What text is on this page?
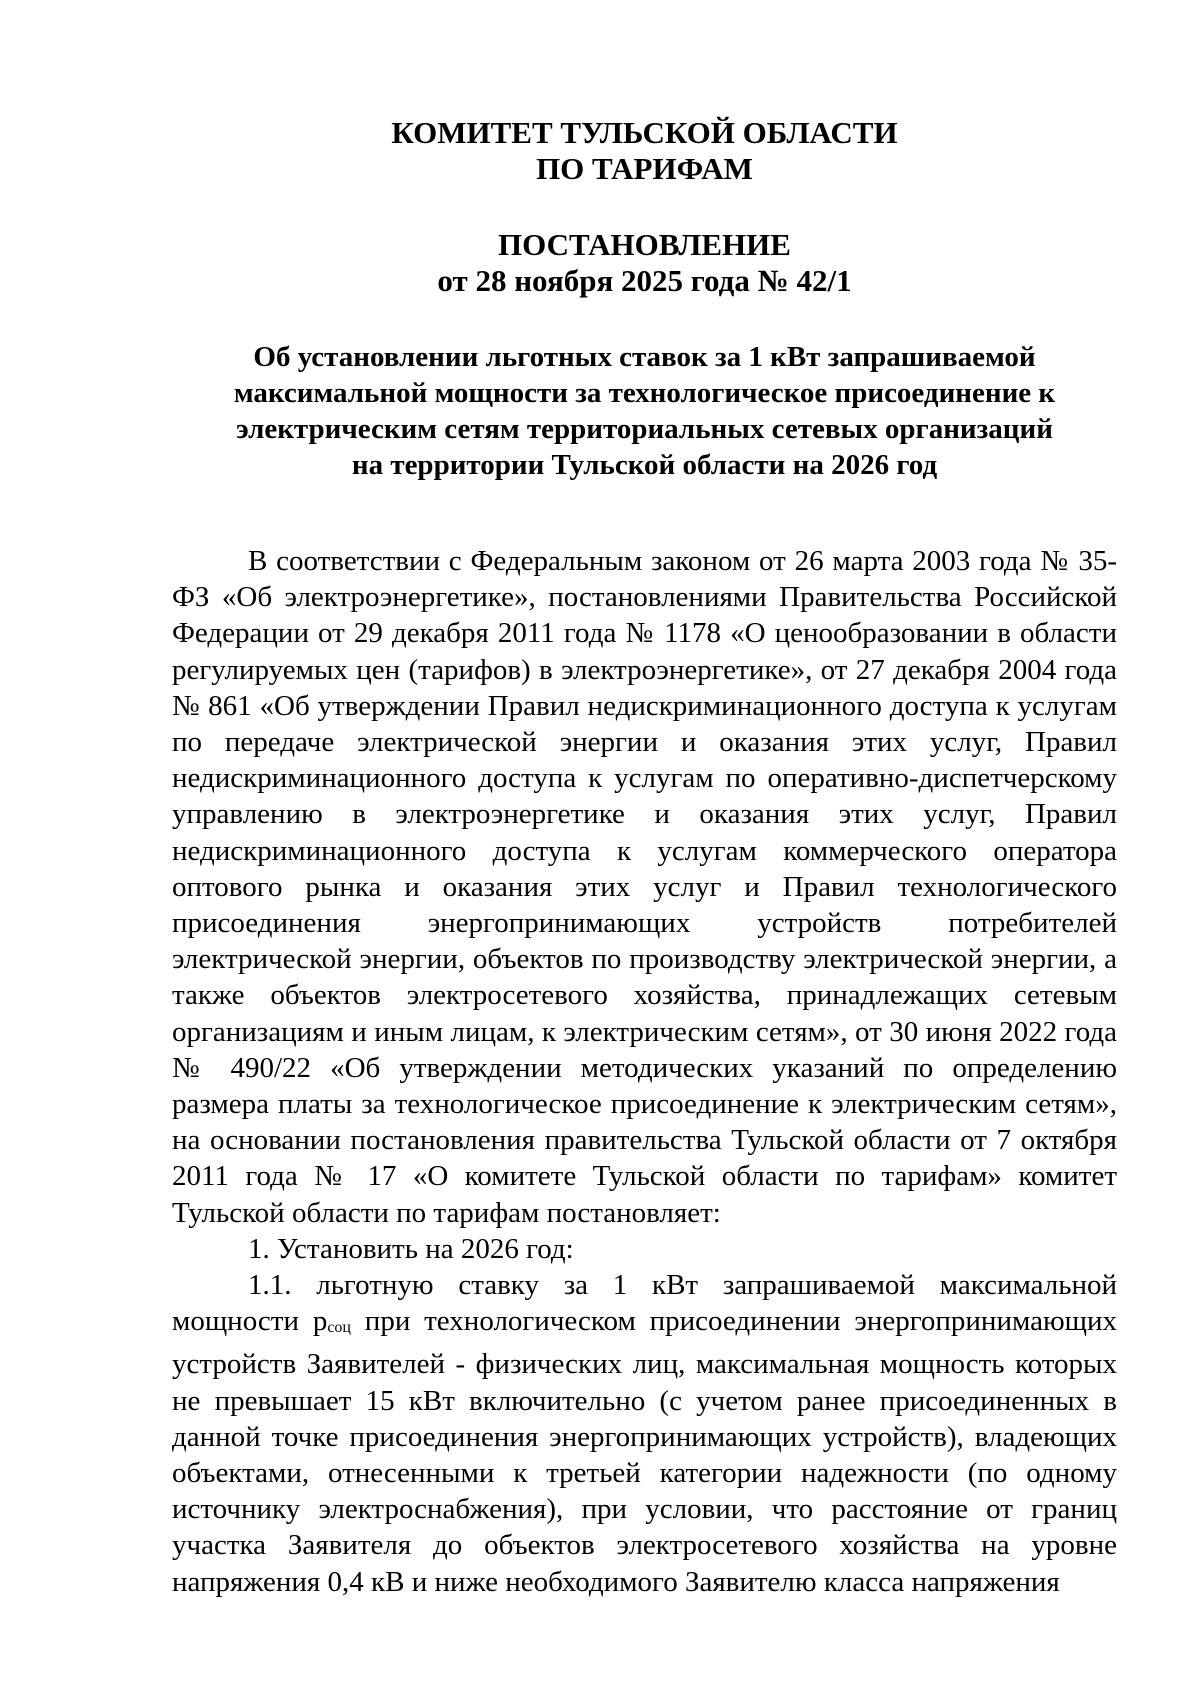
КОМИТЕТ ТУЛЬСКОЙ ОБЛАСТИ
ПО ТАРИФАМ
ПОСТАНОВЛЕНИЕ
от 28 ноября 2025 года № 42/1
Об установлении льготных ставок за 1 кВт запрашиваемой
максимальной мощности за технологическое присоединение к
электрическим сетям территориальных сетевых организаций
на территории Тульской области на 2026 год

В соответствии с Федеральным законом от 26 марта 2003 года № 35-ФЗ «Об электроэнергетике», постановлениями Правительства Российской Федерации от 29 декабря 2011 года № 1178 «О ценообразовании в области регулируемых цен (тарифов) в электроэнергетике», от 27 декабря 2004 года № 861 «Об утверждении Правил недискриминационного доступа к услугам по передаче электрической энергии и оказания этих услуг, Правил недискриминационного доступа к услугам по оперативно-диспетчерскому управлению в электроэнергетике и оказания этих услуг, Правил недискриминационного доступа к услугам коммерческого оператора оптового рынка и оказания этих услуг и Правил технологического присоединения энергопринимающих устройств потребителей электрической энергии, объектов по производству электрической энергии, а также объектов электросетевого хозяйства, принадлежащих сетевым организациям и иным лицам, к электрическим сетям», от 30 июня 2022 года № 490/22 «Об утверждении методических указаний по определению размера платы за технологическое присоединение к электрическим сетям», на основании постановления правительства Тульской области от 7 октября 2011 года № 17 «О комитете Тульской области по тарифам» комитет Тульской области по тарифам постановляет:

1. Установить на 2026 год:

1.1. льготную ставку за 1 кВт запрашиваемой максимальной мощности $p_{соц}$ при технологическом присоединении энергопринимающих устройств Заявителей - физических лиц, максимальная мощность которых не превышает 15 кВт включительно (с учетом ранее присоединенных в данной точке присоединения энергопринимающих устройств), владеющих объектами, отнесенными к третьей категории надежности (по одному источнику электроснабжения), при условии, что расстояние от границ участка Заявителя до объектов электросетевого хозяйства на уровне напряжения 0,4 кВ и ниже необходимого Заявителю класса напряжения
